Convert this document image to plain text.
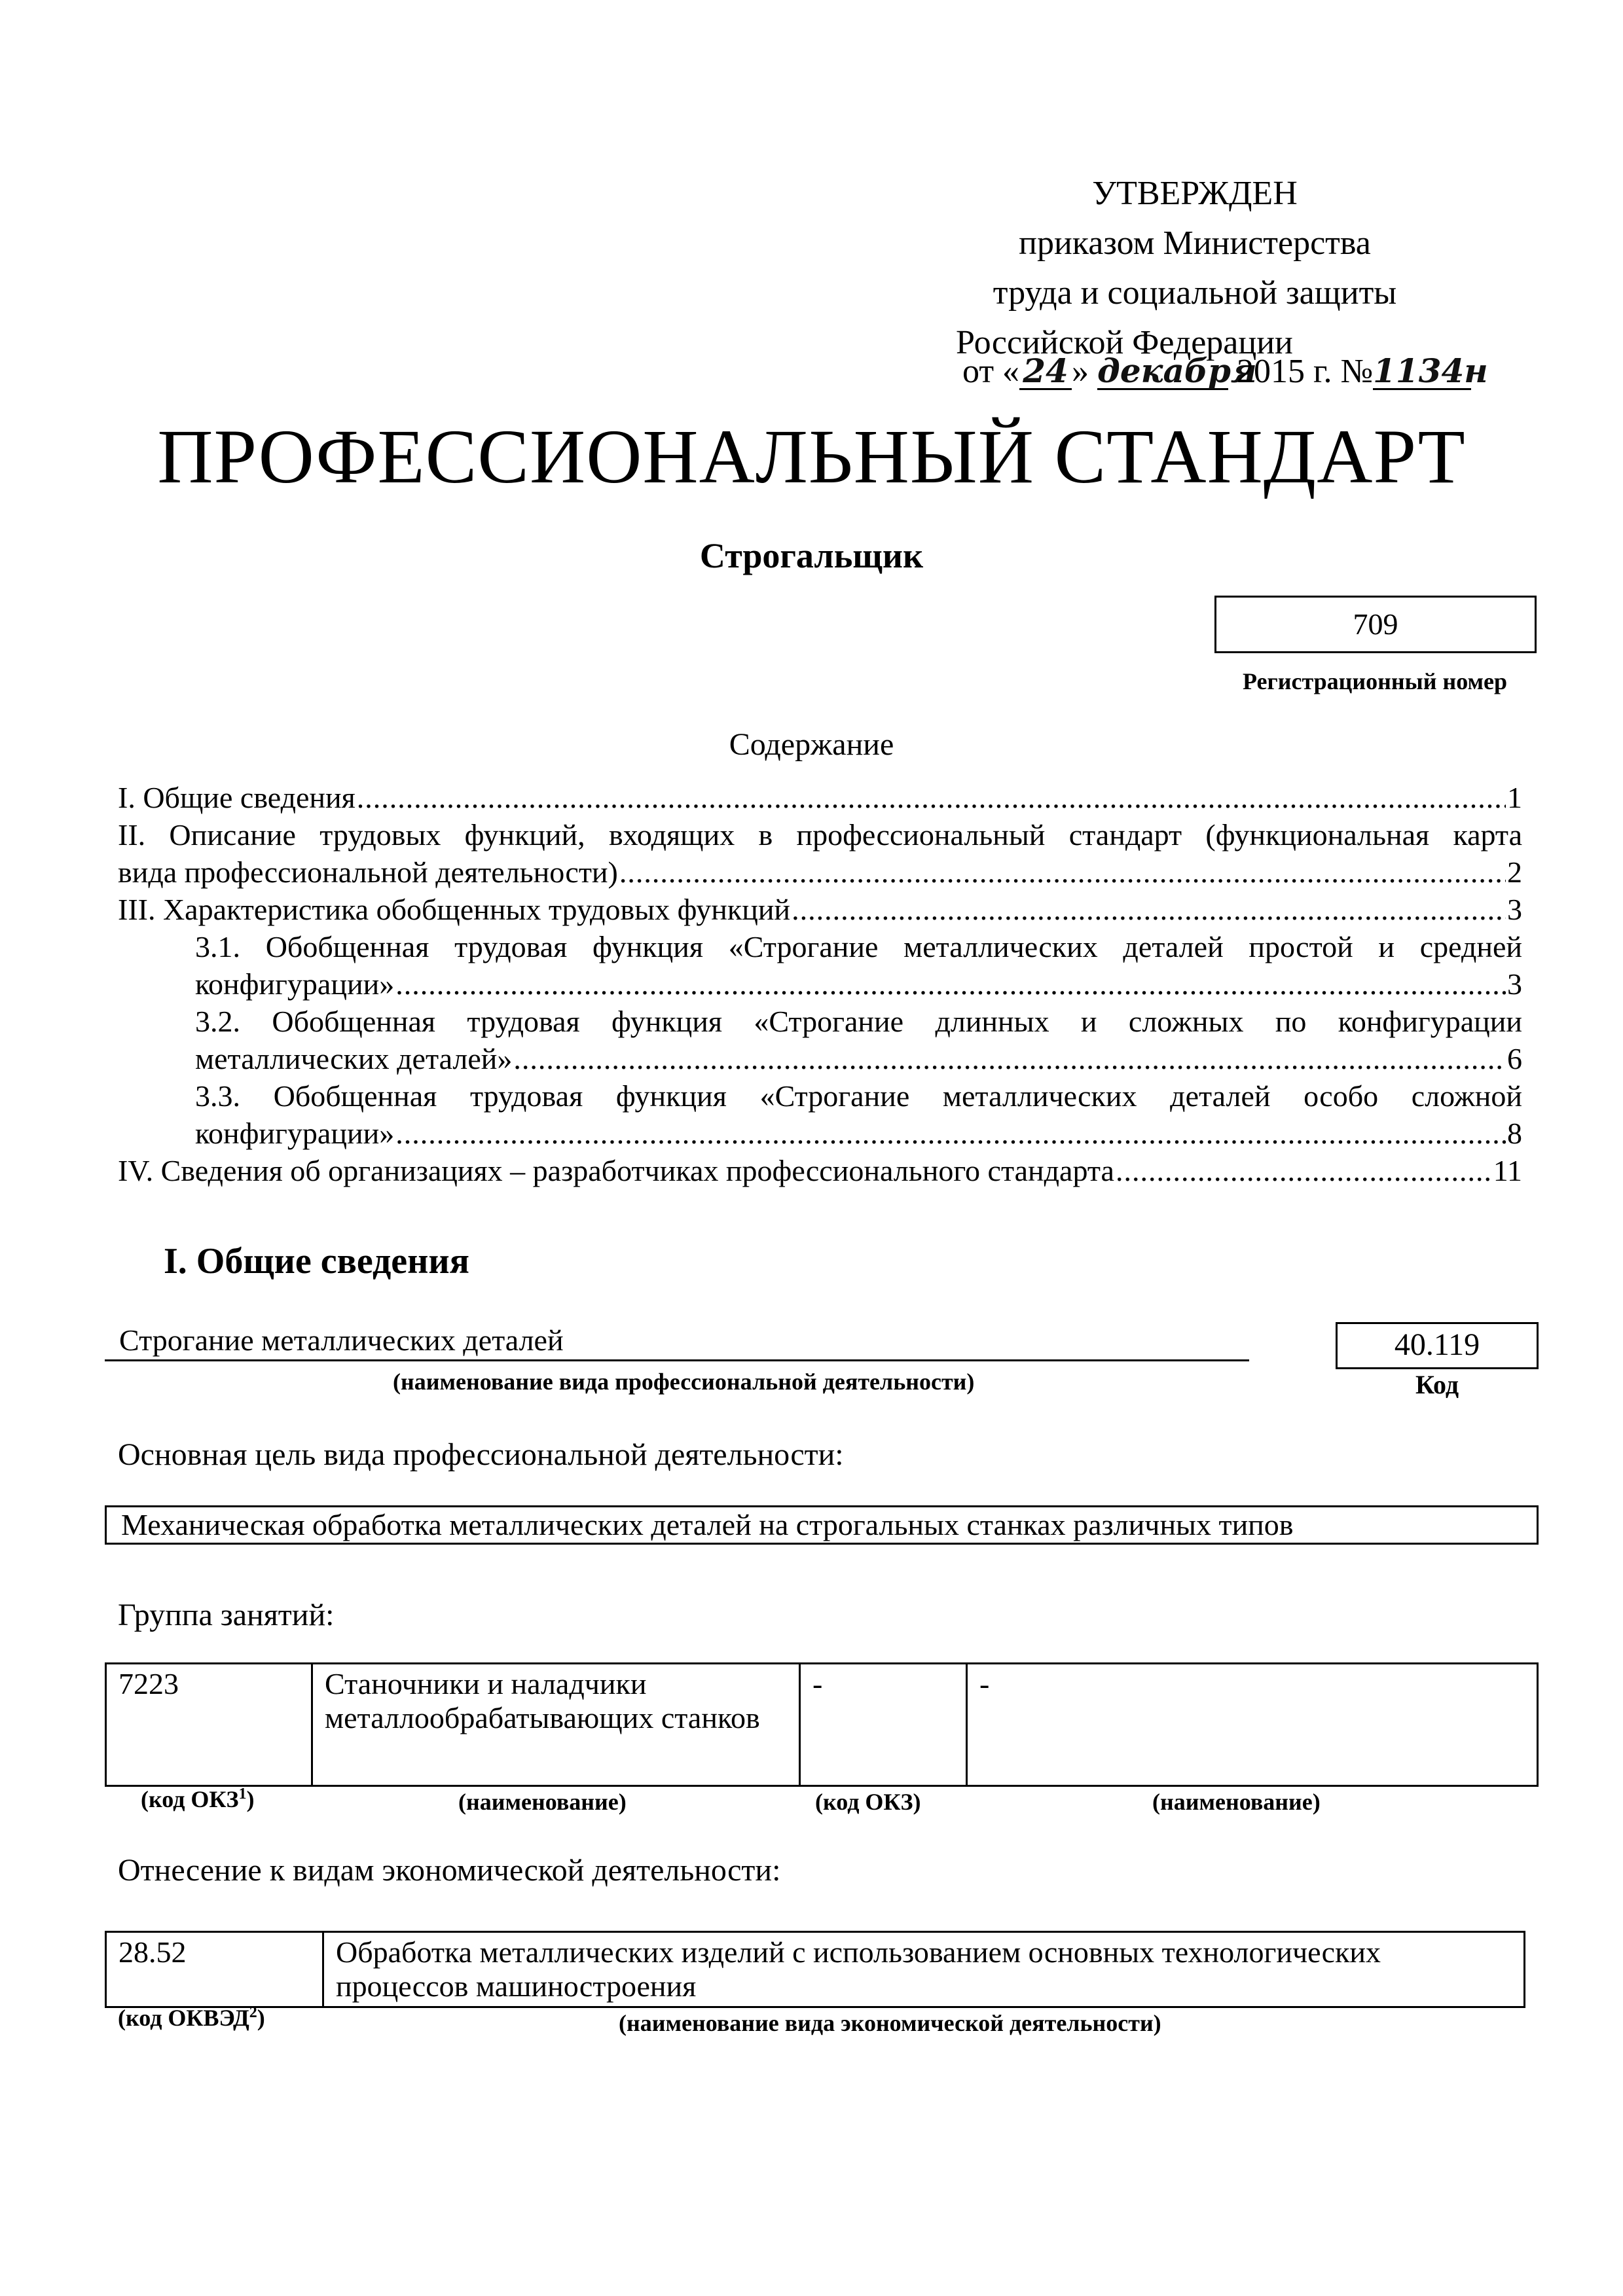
УТВЕРЖДЕН
приказом Министерства
труда и социальной защиты
Российской Федерации
от « 24 » декабря 2015 г. №1134н
ПРОФЕССИОНАЛЬНЫЙ СТАНДАРТ
Строгальщик
709
Регистрационный номер
Содержание
I. Общие сведения .....	1
II. Описание трудовых функций, входящих в профессиональный стандарт (функциональная карта
вида профессиональной деятельности) .....	2
III. Характеристика обобщенных трудовых функций .....	3
3.1. Обобщенная трудовая функция «Строгание металлических деталей простой и средней
конфигурации» .....	3
3.2. Обобщенная трудовая функция «Строгание длинных и сложных по конфигурации
металлических деталей» .....	6
3.3. Обобщенная трудовая функция «Строгание металлических деталей особо сложной
конфигурации» .....	8
IV. Сведения об организациях – разработчиках профессионального стандарта .....	11
I. Общие сведения
Строгание металлических деталей
(наименование вида профессиональной деятельности)
40.119
Код
Основная цель вида профессиональной деятельности:
Механическая обработка металлических деталей на строгальных станках различных типов
Группа занятий:
7223	Станочники и наладчики металлообрабатывающих станков	-	-
(код ОКЗ$^1$)	(наименование)	(код ОКЗ)	(наименование)
Отнесение к видам экономической деятельности:
28.52	Обработка металлических изделий с использованием основных технологических процессов машиностроения
(код ОКВЭД$^2$)	(наименование вида экономической деятельности)
